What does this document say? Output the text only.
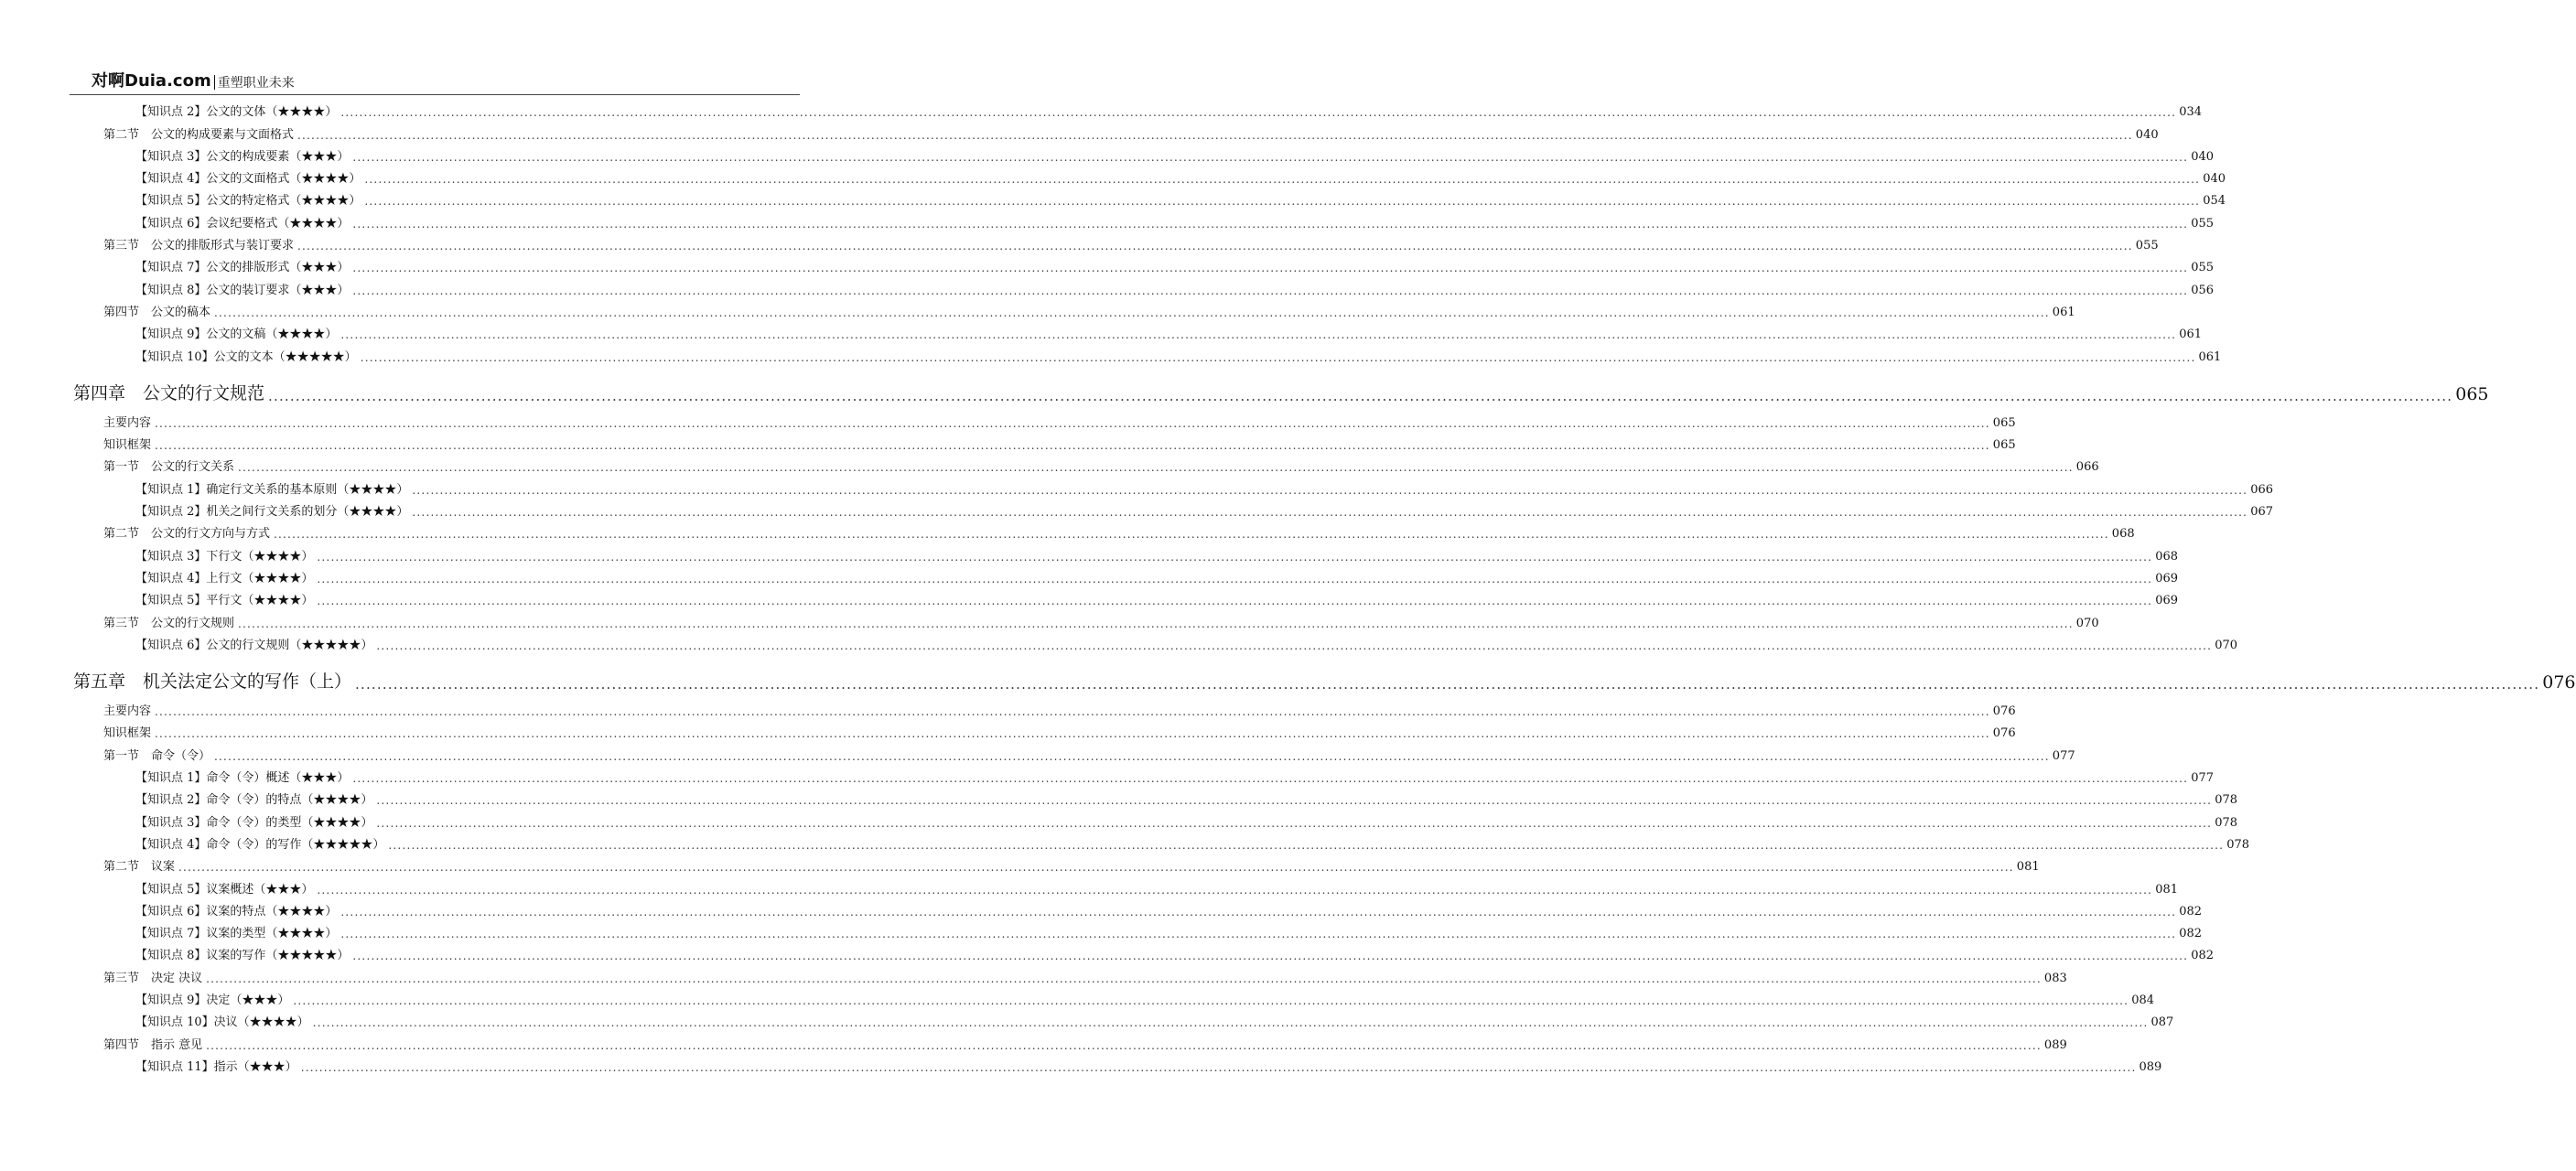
对啊Duia.com 重塑职业未来
【知识点 2】公文的文体（★★★★） ................................................................................................................................................................................................................................................................................................................................................................................................................ 034
第二节　公文的构成要素与文面格式 ................................................................................................................................................................................................................................................................................................................................................................................................................ 040
【知识点 3】公文的构成要素（★★★） ................................................................................................................................................................................................................................................................................................................................................................................................................ 040
【知识点 4】公文的文面格式（★★★★） ................................................................................................................................................................................................................................................................................................................................................................................................................ 040
【知识点 5】公文的特定格式（★★★★） ................................................................................................................................................................................................................................................................................................................................................................................................................ 054
【知识点 6】会议纪要格式（★★★★） ................................................................................................................................................................................................................................................................................................................................................................................................................ 055
第三节　公文的排版形式与装订要求 ................................................................................................................................................................................................................................................................................................................................................................................................................ 055
【知识点 7】公文的排版形式（★★★） ................................................................................................................................................................................................................................................................................................................................................................................................................ 055
【知识点 8】公文的装订要求（★★★） ................................................................................................................................................................................................................................................................................................................................................................................................................ 056
第四节　公文的稿本 ................................................................................................................................................................................................................................................................................................................................................................................................................ 061
【知识点 9】公文的文稿（★★★★） ................................................................................................................................................................................................................................................................................................................................................................................................................ 061
【知识点 10】公文的文本（★★★★★） ................................................................................................................................................................................................................................................................................................................................................................................................................ 061
第四章　公文的行文规范 ................................................................................................................................................................................................................................................................................................................................................................................................................ 065
主要内容 ................................................................................................................................................................................................................................................................................................................................................................................................................ 065
知识框架 ................................................................................................................................................................................................................................................................................................................................................................................................................ 065
第一节　公文的行文关系 ................................................................................................................................................................................................................................................................................................................................................................................................................ 066
【知识点 1】确定行文关系的基本原则（★★★★） ................................................................................................................................................................................................................................................................................................................................................................................................................ 066
【知识点 2】机关之间行文关系的划分（★★★★） ................................................................................................................................................................................................................................................................................................................................................................................................................ 067
第二节　公文的行文方向与方式 ................................................................................................................................................................................................................................................................................................................................................................................................................ 068
【知识点 3】下行文（★★★★） ................................................................................................................................................................................................................................................................................................................................................................................................................ 068
【知识点 4】上行文（★★★★） ................................................................................................................................................................................................................................................................................................................................................................................................................ 069
【知识点 5】平行文（★★★★） ................................................................................................................................................................................................................................................................................................................................................................................................................ 069
第三节　公文的行文规则 ................................................................................................................................................................................................................................................................................................................................................................................................................ 070
【知识点 6】公文的行文规则（★★★★★） ................................................................................................................................................................................................................................................................................................................................................................................................................ 070
第五章　机关法定公文的写作（上） ................................................................................................................................................................................................................................................................................................................................................................................................................ 076
主要内容 ................................................................................................................................................................................................................................................................................................................................................................................................................ 076
知识框架 ................................................................................................................................................................................................................................................................................................................................................................................................................ 076
第一节　命令（令） ................................................................................................................................................................................................................................................................................................................................................................................................................ 077
【知识点 1】命令（令）概述（★★★） ................................................................................................................................................................................................................................................................................................................................................................................................................ 077
【知识点 2】命令（令）的特点（★★★★） ................................................................................................................................................................................................................................................................................................................................................................................................................ 078
【知识点 3】命令（令）的类型（★★★★） ................................................................................................................................................................................................................................................................................................................................................................................................................ 078
【知识点 4】命令（令）的写作（★★★★★） ................................................................................................................................................................................................................................................................................................................................................................................................................ 078
第二节　议案 ................................................................................................................................................................................................................................................................................................................................................................................................................ 081
【知识点 5】议案概述（★★★） ................................................................................................................................................................................................................................................................................................................................................................................................................ 081
【知识点 6】议案的特点（★★★★） ................................................................................................................................................................................................................................................................................................................................................................................................................ 082
【知识点 7】议案的类型（★★★★） ................................................................................................................................................................................................................................................................................................................................................................................................................ 082
【知识点 8】议案的写作（★★★★★） ................................................................................................................................................................................................................................................................................................................................................................................................................ 082
第三节　决定 决议 ................................................................................................................................................................................................................................................................................................................................................................................................................ 083
【知识点 9】决定（★★★） ................................................................................................................................................................................................................................................................................................................................................................................................................ 084
【知识点 10】决议（★★★★） ................................................................................................................................................................................................................................................................................................................................................................................................................ 087
第四节　指示 意见 ................................................................................................................................................................................................................................................................................................................................................................................................................ 089
【知识点 11】指示（★★★） ................................................................................................................................................................................................................................................................................................................................................................................................................ 089
